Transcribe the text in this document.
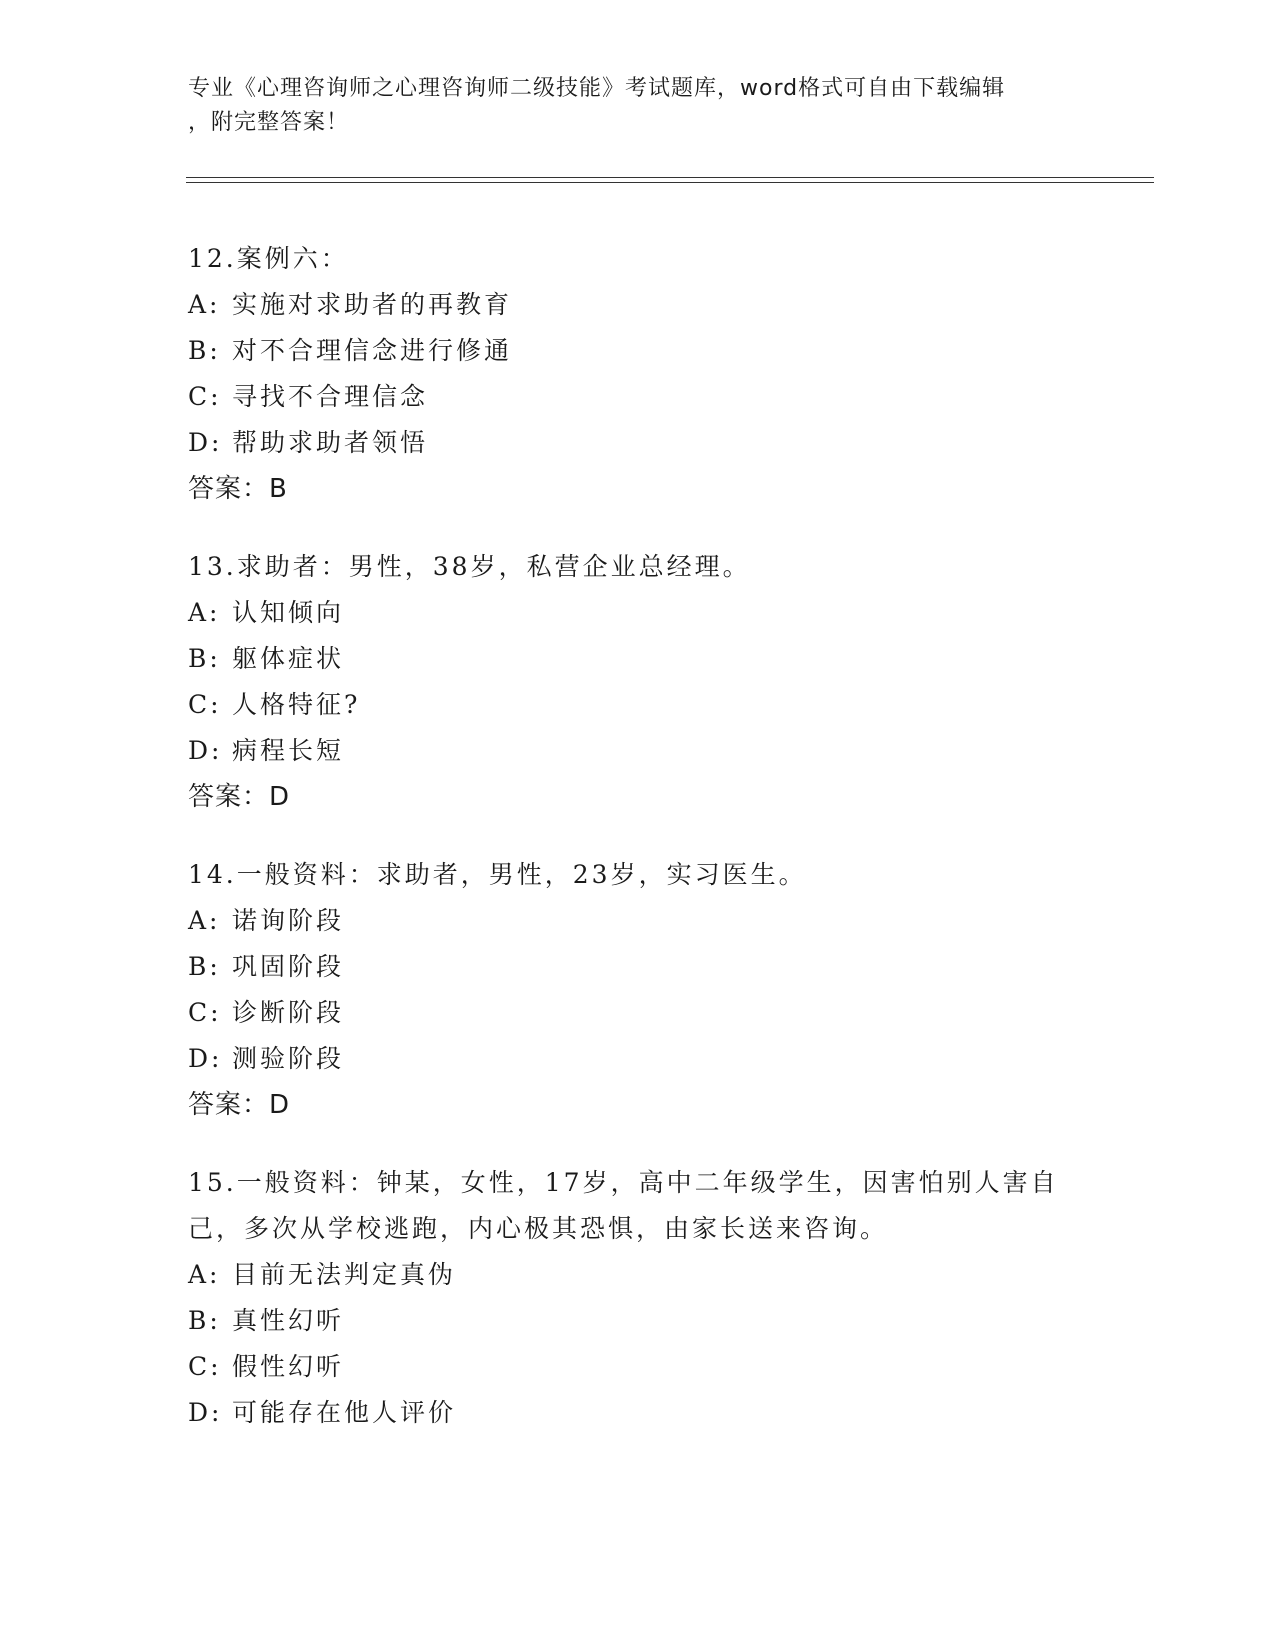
专业《心理咨询师之心理咨询师二级技能》考试题库，word格式可自由下载编辑
，附完整答案！

12.案例六：

A: 实施对求助者的再教育

B: 对不合理信念进行修通

C: 寻找不合理信念

D: 帮助求助者领悟

答案：B

13.求助者：男性，38岁，私营企业总经理。

A: 认知倾向

B: 躯体症状

C: 人格特征?

D: 病程长短

答案：D

14.一般资料：求助者，男性，23岁，实习医生。

A: 诺询阶段

B: 巩固阶段

C: 诊断阶段

D: 测验阶段

答案：D

15.一般资料：钟某，女性，17岁，高中二年级学生，因害怕别人害自己，多次从学校逃跑，内心极其恐惧，由家长送来咨询。

A: 目前无法判定真伪

B: 真性幻听

C: 假性幻听

D: 可能存在他人评价
